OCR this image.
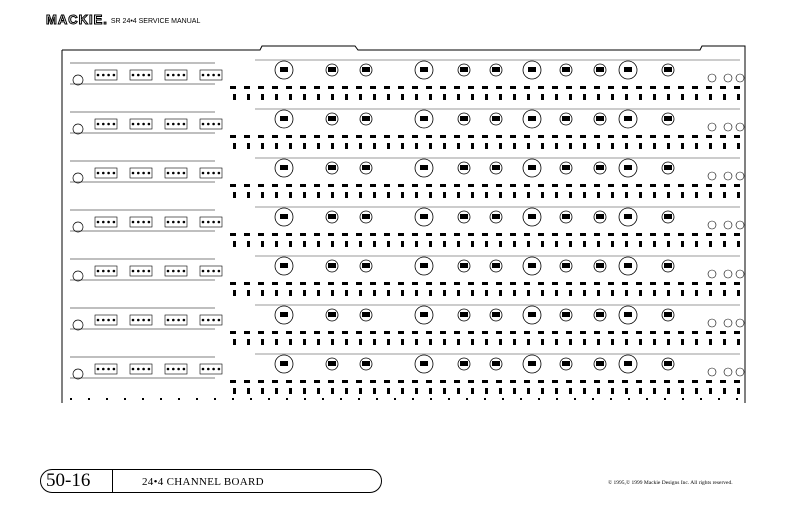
MACKIE. SR 24•4 SERVICE MANUAL
50-16	24•4 CHANNEL BOARD	© 1995,© 1999 Mackie Designs Inc. All rights reserved.
